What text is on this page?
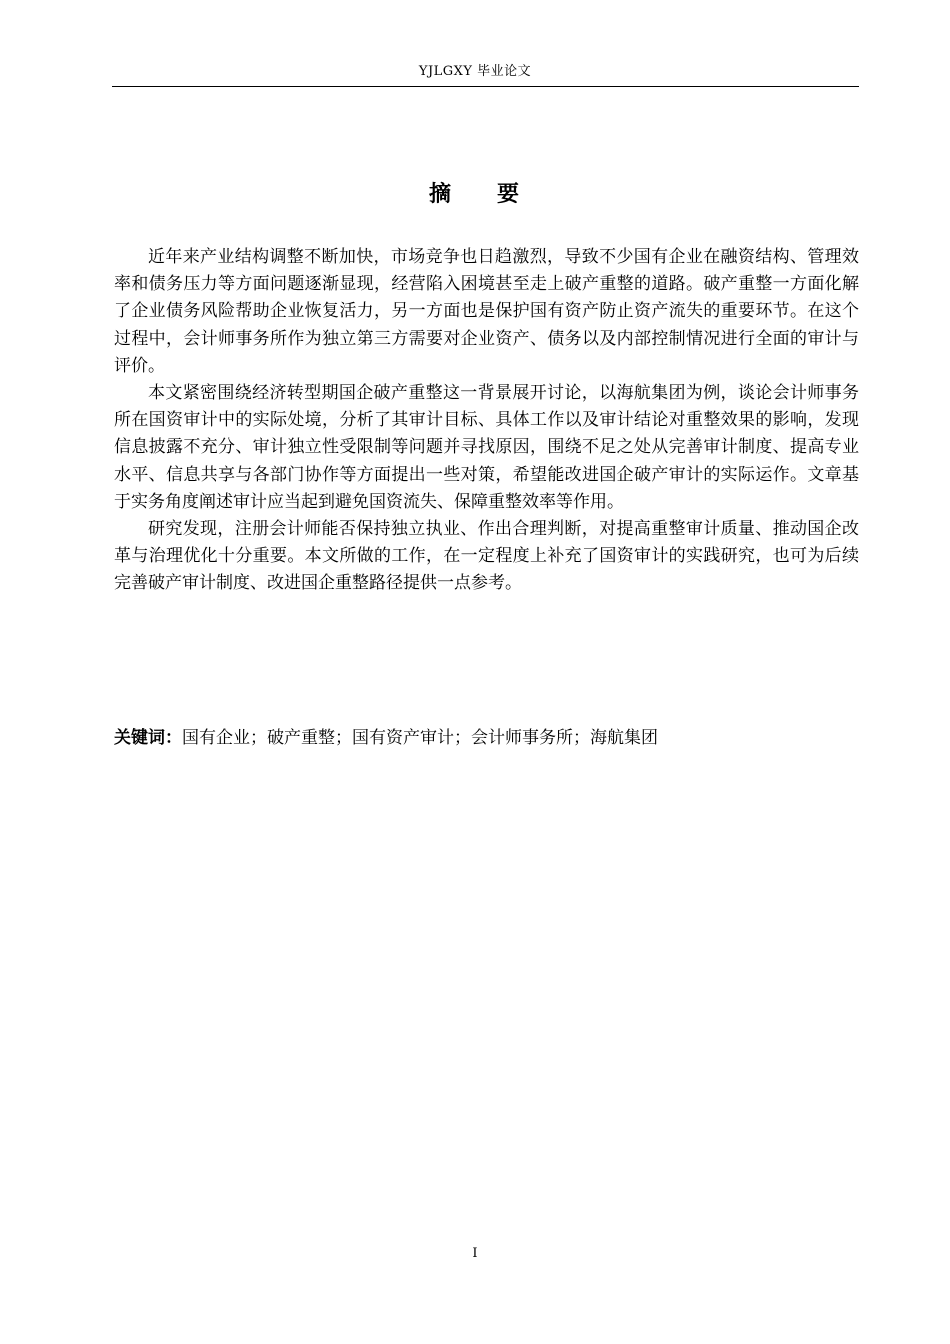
YJLGXY 毕业论文
摘 要

近年来产业结构调整不断加快，市场竞争也日趋激烈，导致不少国有企业在融资结构、管理效率和债务压力等方面问题逐渐显现，经营陷入困境甚至走上破产重整的道路。破产重整一方面化解了企业债务风险帮助企业恢复活力，另一方面也是保护国有资产防止资产流失的重要环节。在这个过程中，会计师事务所作为独立第三方需要对企业资产、债务以及内部控制情况进行全面的审计与评价。

本文紧密围绕经济转型期国企破产重整这一背景展开讨论，以海航集团为例，谈论会计师事务所在国资审计中的实际处境，分析了其审计目标、具体工作以及审计结论对重整效果的影响，发现信息披露不充分、审计独立性受限制等问题并寻找原因，围绕不足之处从完善审计制度、提高专业水平、信息共享与各部门协作等方面提出一些对策，希望能改进国企破产审计的实际运作。文章基于实务角度阐述审计应当起到避免国资流失、保障重整效率等作用。

研究发现，注册会计师能否保持独立执业、作出合理判断，对提高重整审计质量、推动国企改革与治理优化十分重要。本文所做的工作，在一定程度上补充了国资审计的实践研究，也可为后续完善破产审计制度、改进国企重整路径提供一点参考。

关键词：国有企业；破产重整；国有资产审计；会计师事务所；海航集团
I
